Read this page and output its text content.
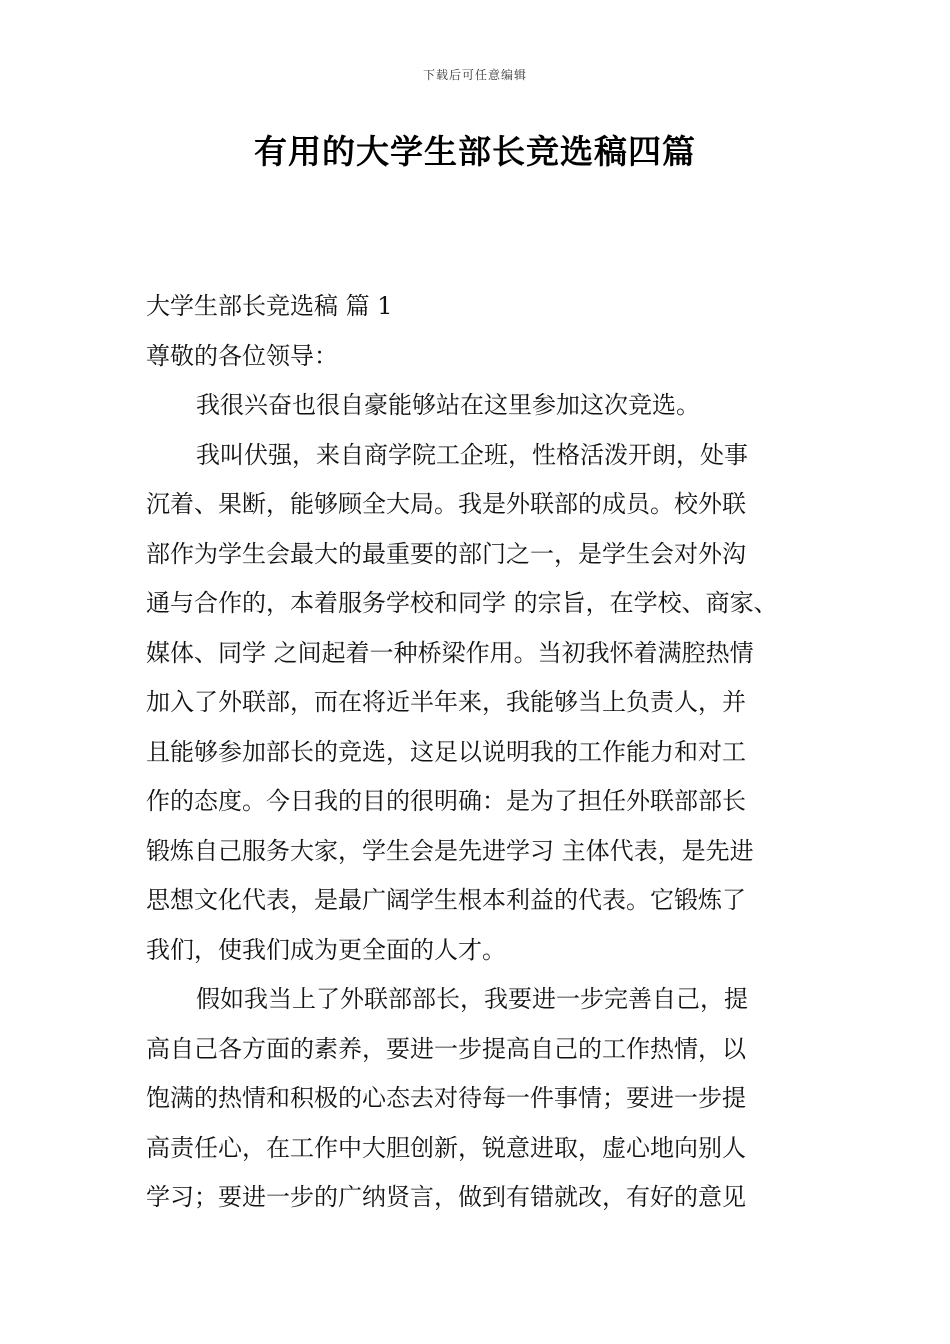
下载后可任意编辑
有用的大学生部长竞选稿四篇
大学生部长竞选稿 篇 1
尊敬的各位领导：
我很兴奋也很自豪能够站在这里参加这次竞选。
我叫伏强，来自商学院工企班，性格活泼开朗，处事
沉着、果断，能够顾全大局。我是外联部的成员。校外联
部作为学生会最大的最重要的部门之一，是学生会对外沟
通与合作的，本着服务学校和同学 的宗旨，在学校、商家、
媒体、同学 之间起着一种桥梁作用。当初我怀着满腔热情
加入了外联部，而在将近半年来，我能够当上负责人，并
且能够参加部长的竞选，这足以说明我的工作能力和对工
作的态度。今日我的目的很明确：是为了担任外联部部长
锻炼自己服务大家，学生会是先进学习 主体代表，是先进
思想文化代表，是最广阔学生根本利益的代表。它锻炼了
我们，使我们成为更全面的人才。
假如我当上了外联部部长，我要进一步完善自己，提
高自己各方面的素养，要进一步提高自己的工作热情，以
饱满的热情和积极的心态去对待每一件事情；要进一步提
高责任心，在工作中大胆创新，锐意进取，虚心地向别人
学习；要进一步的广纳贤言，做到有错就改，有好的意见
